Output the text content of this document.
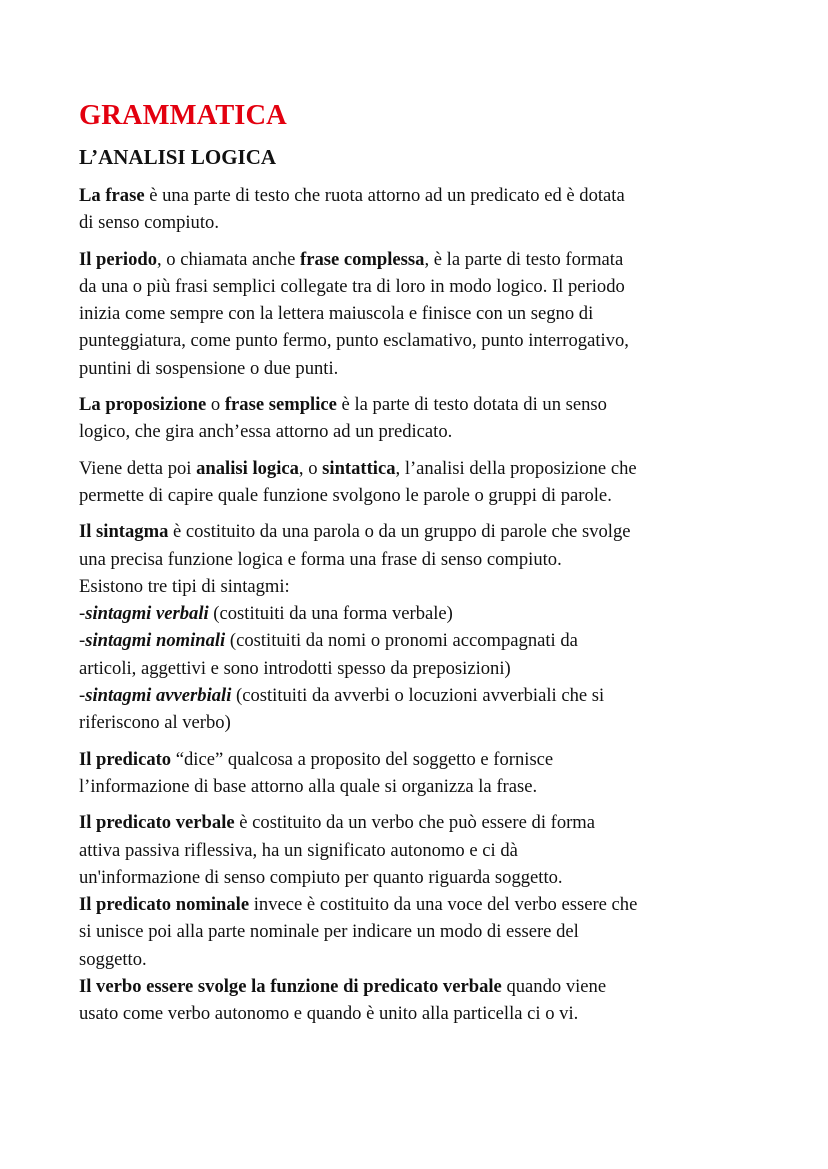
GRAMMATICA
L’ANALISI LOGICA
La frase è una parte di testo che ruota attorno ad un predicato ed è dotata
di senso compiuto.
Il periodo, o chiamata anche frase complessa, è la parte di testo formata
da una o più frasi semplici collegate tra di loro in modo logico. Il periodo
inizia come sempre con la lettera maiuscola e finisce con un segno di
punteggiatura, come punto fermo, punto esclamativo, punto interrogativo,
puntini di sospensione o due punti.
La proposizione o frase semplice è la parte di testo dotata di un senso
logico, che gira anch’essa attorno ad un predicato.
Viene detta poi analisi logica, o sintattica, l’analisi della proposizione che
permette di capire quale funzione svolgono le parole o gruppi di parole.
Il sintagma è costituito da una parola o da un gruppo di parole che svolge
una precisa funzione logica e forma una frase di senso compiuto.
Esistono tre tipi di sintagmi:
-sintagmi verbali (costituiti da una forma verbale)
-sintagmi nominali (costituiti da nomi o pronomi accompagnati da
articoli, aggettivi e sono introdotti spesso da preposizioni)
-sintagmi avverbiali (costituiti da avverbi o locuzioni avverbiali che si
riferiscono al verbo)
Il predicato “dice” qualcosa a proposito del soggetto e fornisce
l’informazione di base attorno alla quale si organizza la frase.
Il predicato verbale è costituito da un verbo che può essere di forma
attiva passiva riflessiva, ha un significato autonomo e ci dà
un'informazione di senso compiuto per quanto riguarda soggetto.
Il predicato nominale invece è costituito da una voce del verbo essere che
si unisce poi alla parte nominale per indicare un modo di essere del
soggetto.
Il verbo essere svolge la funzione di predicato verbale quando viene
usato come verbo autonomo e quando è unito alla particella ci o vi.
